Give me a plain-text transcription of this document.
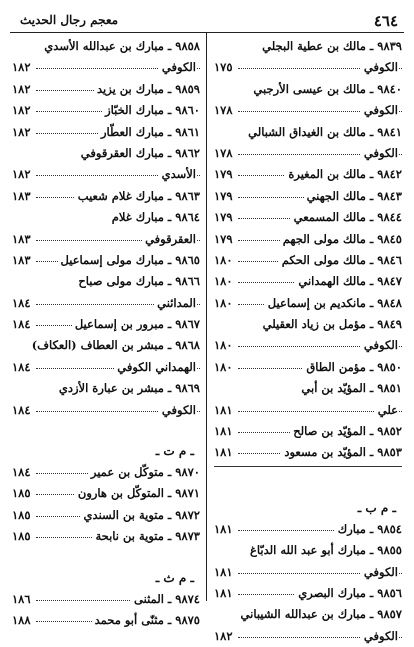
٤٦٤
معجم رجال الحديث
٩٨٣٩ ـ مالك بن عطية البجلي
الكوفي
١٧٥
٩٨٤٠ ـ مالك بن عيسى الأرجبي
الكوفي
١٧٨
٩٨٤١ ـ مالك بن الغيداق الشبالي
الكوفي
١٧٨
٩٨٤٢ ـ مالك بن المغيرة
١٧٩
٩٨٤٣ ـ مالك الجهني
١٧٩
٩٨٤٤ ـ مالك المسمعي
١٧٩
٩٨٤٥ ـ مالك مولى الجهم
١٧٩
٩٨٤٦ ـ مالك مولى الحكم
١٨٠
٩٨٤٧ ـ مالك الهمداني
١٨٠
٩٨٤٨ ـ مانكديم بن إسماعيل
١٨٠
٩٨٤٩ ـ مؤمل بن زياد العقيلي
الكوفي
١٨٠
٩٨٥٠ ـ مؤمن الطاق
١٨٠
٩٨٥١ ـ المؤيّد بن أبي
علي
١٨١
٩٨٥٢ ـ المؤيّد بن صالح
١٨١
٩٨٥٣ ـ المؤيّد بن مسعود
١٨١
ـ م ب ـ
٩٨٥٤ ـ مبارك
١٨١
٩٨٥٥ ـ مبارك أبو عبد الله الدبّاغ
الكوفي
١٨١
٩٨٥٦ ـ مبارك البصري
١٨١
٩٨٥٧ ـ مبارك بن عبدالله الشيباني
الكوفي
١٨٢
٩٨٥٨ ـ مبارك بن عبدالله الأسدي
الكوفي
١٨٢
٩٨٥٩ ـ مبارك بن يزيد
١٨٢
٩٨٦٠ ـ مبارك الخبّاز
١٨٢
٩٨٦١ ـ مبارك العطّار
١٨٢
٩٨٦٢ ـ مبارك العقرقوفي
الأسدي
١٨٢
٩٨٦٣ ـ مبارك غلام شعيب
١٨٣
٩٨٦٤ ـ مبارك غلام
العقرقوفي
١٨٣
٩٨٦٥ ـ مبارك مولى إسماعيل
١٨٣
٩٨٦٦ ـ مبارك مولى صباح
المدائني
١٨٤
٩٨٦٧ ـ مبرور بن إسماعيل
١٨٤
٩٨٦٨ ـ مبشر بن العطاف (العكاف)
الهمداني الكوفي
١٨٤
٩٨٦٩ ـ مبشر بن عبارة الأزدي
الكوفي
١٨٤
ـ م ت ـ
٩٨٧٠ ـ متوكّل بن عمير
١٨٤
٩٨٧١ ـ المتوكّل بن هارون
١٨٥
٩٨٧٢ ـ متوية بن السندي
١٨٥
٩٨٧٣ ـ متوية بن نابحة
١٨٥
ـ م ث ـ
٩٨٧٤ ـ المثنى
١٨٦
٩٨٧٥ ـ مثنّى أبو محمد
١٨٨
